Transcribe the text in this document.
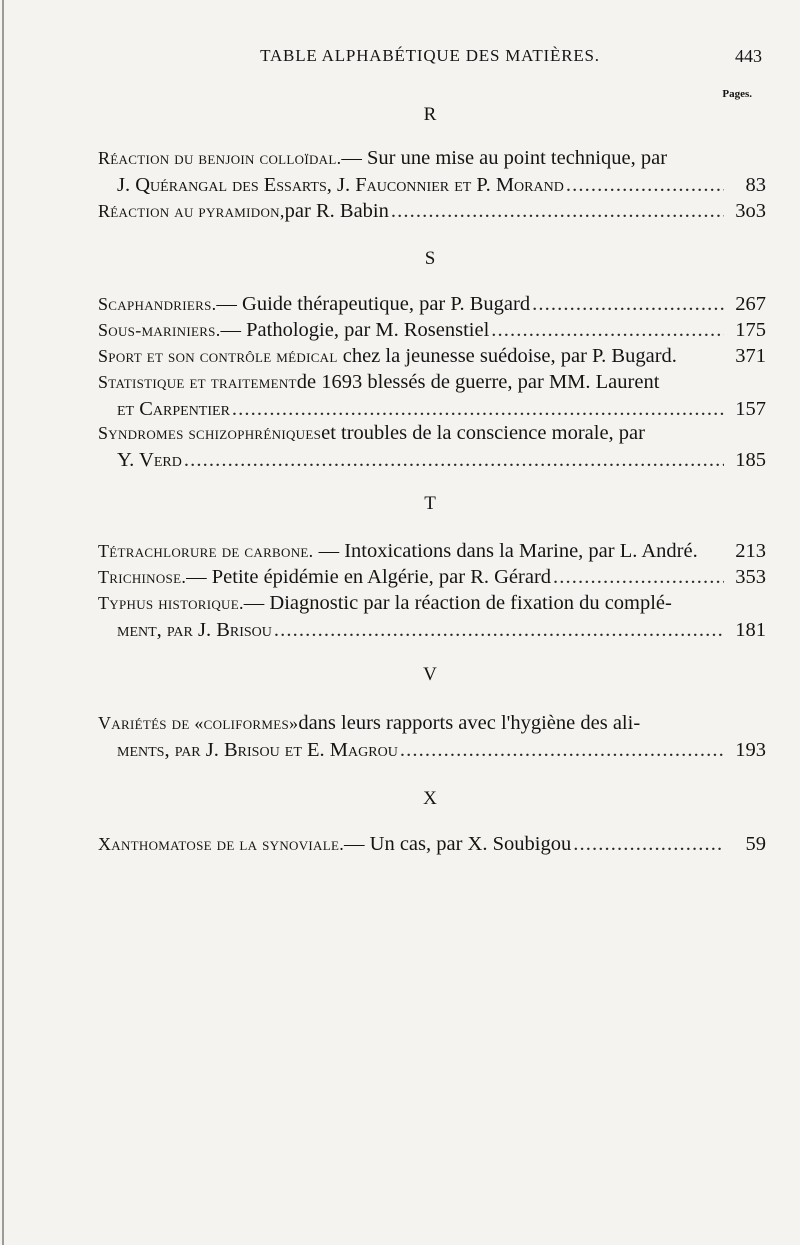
TABLE ALPHABÉTIQUE DES MATIÈRES.	443
Pages.
R
Réaction du benjoin colloïdal. — Sur une mise au point technique, par
J. Quérangal des Essarts, J. Fauconnier et P. Morand . . .	83
Réaction au pyramidon, par R. Babin . . .	3o3
S
Scaphandriers. — Guide thérapeutique, par P. Bugard . . .	267
Sous-mariniers. — Pathologie, par M. Rosenstiel . . .	175
Sport et son contrôle médical chez la jeunesse suédoise, par P. Bugard.	371
Statistique et traitement de 1693 blessés de guerre, par MM. Laurent
et Carpentier . . .	157
Syndromes schizophréniques et troubles de la conscience morale, par
Y. Verd . . .	185
T
Tétrachlorure de carbone. — Intoxications dans la Marine, par L. André. 213
Trichinose. — Petite épidémie en Algérie, par R. Gérard . . .	353
Typhus historique. — Diagnostic par la réaction de fixation du complé-
ment, par J. Brisou . . .	181
V
Variétés de «coliformes» dans leurs rapports avec l'hygiène des ali-
ments, par J. Brisou et E. Magrou . . .	193
X
Xanthomatose de la synoviale. — Un cas, par X. Soubigou . . .	59
